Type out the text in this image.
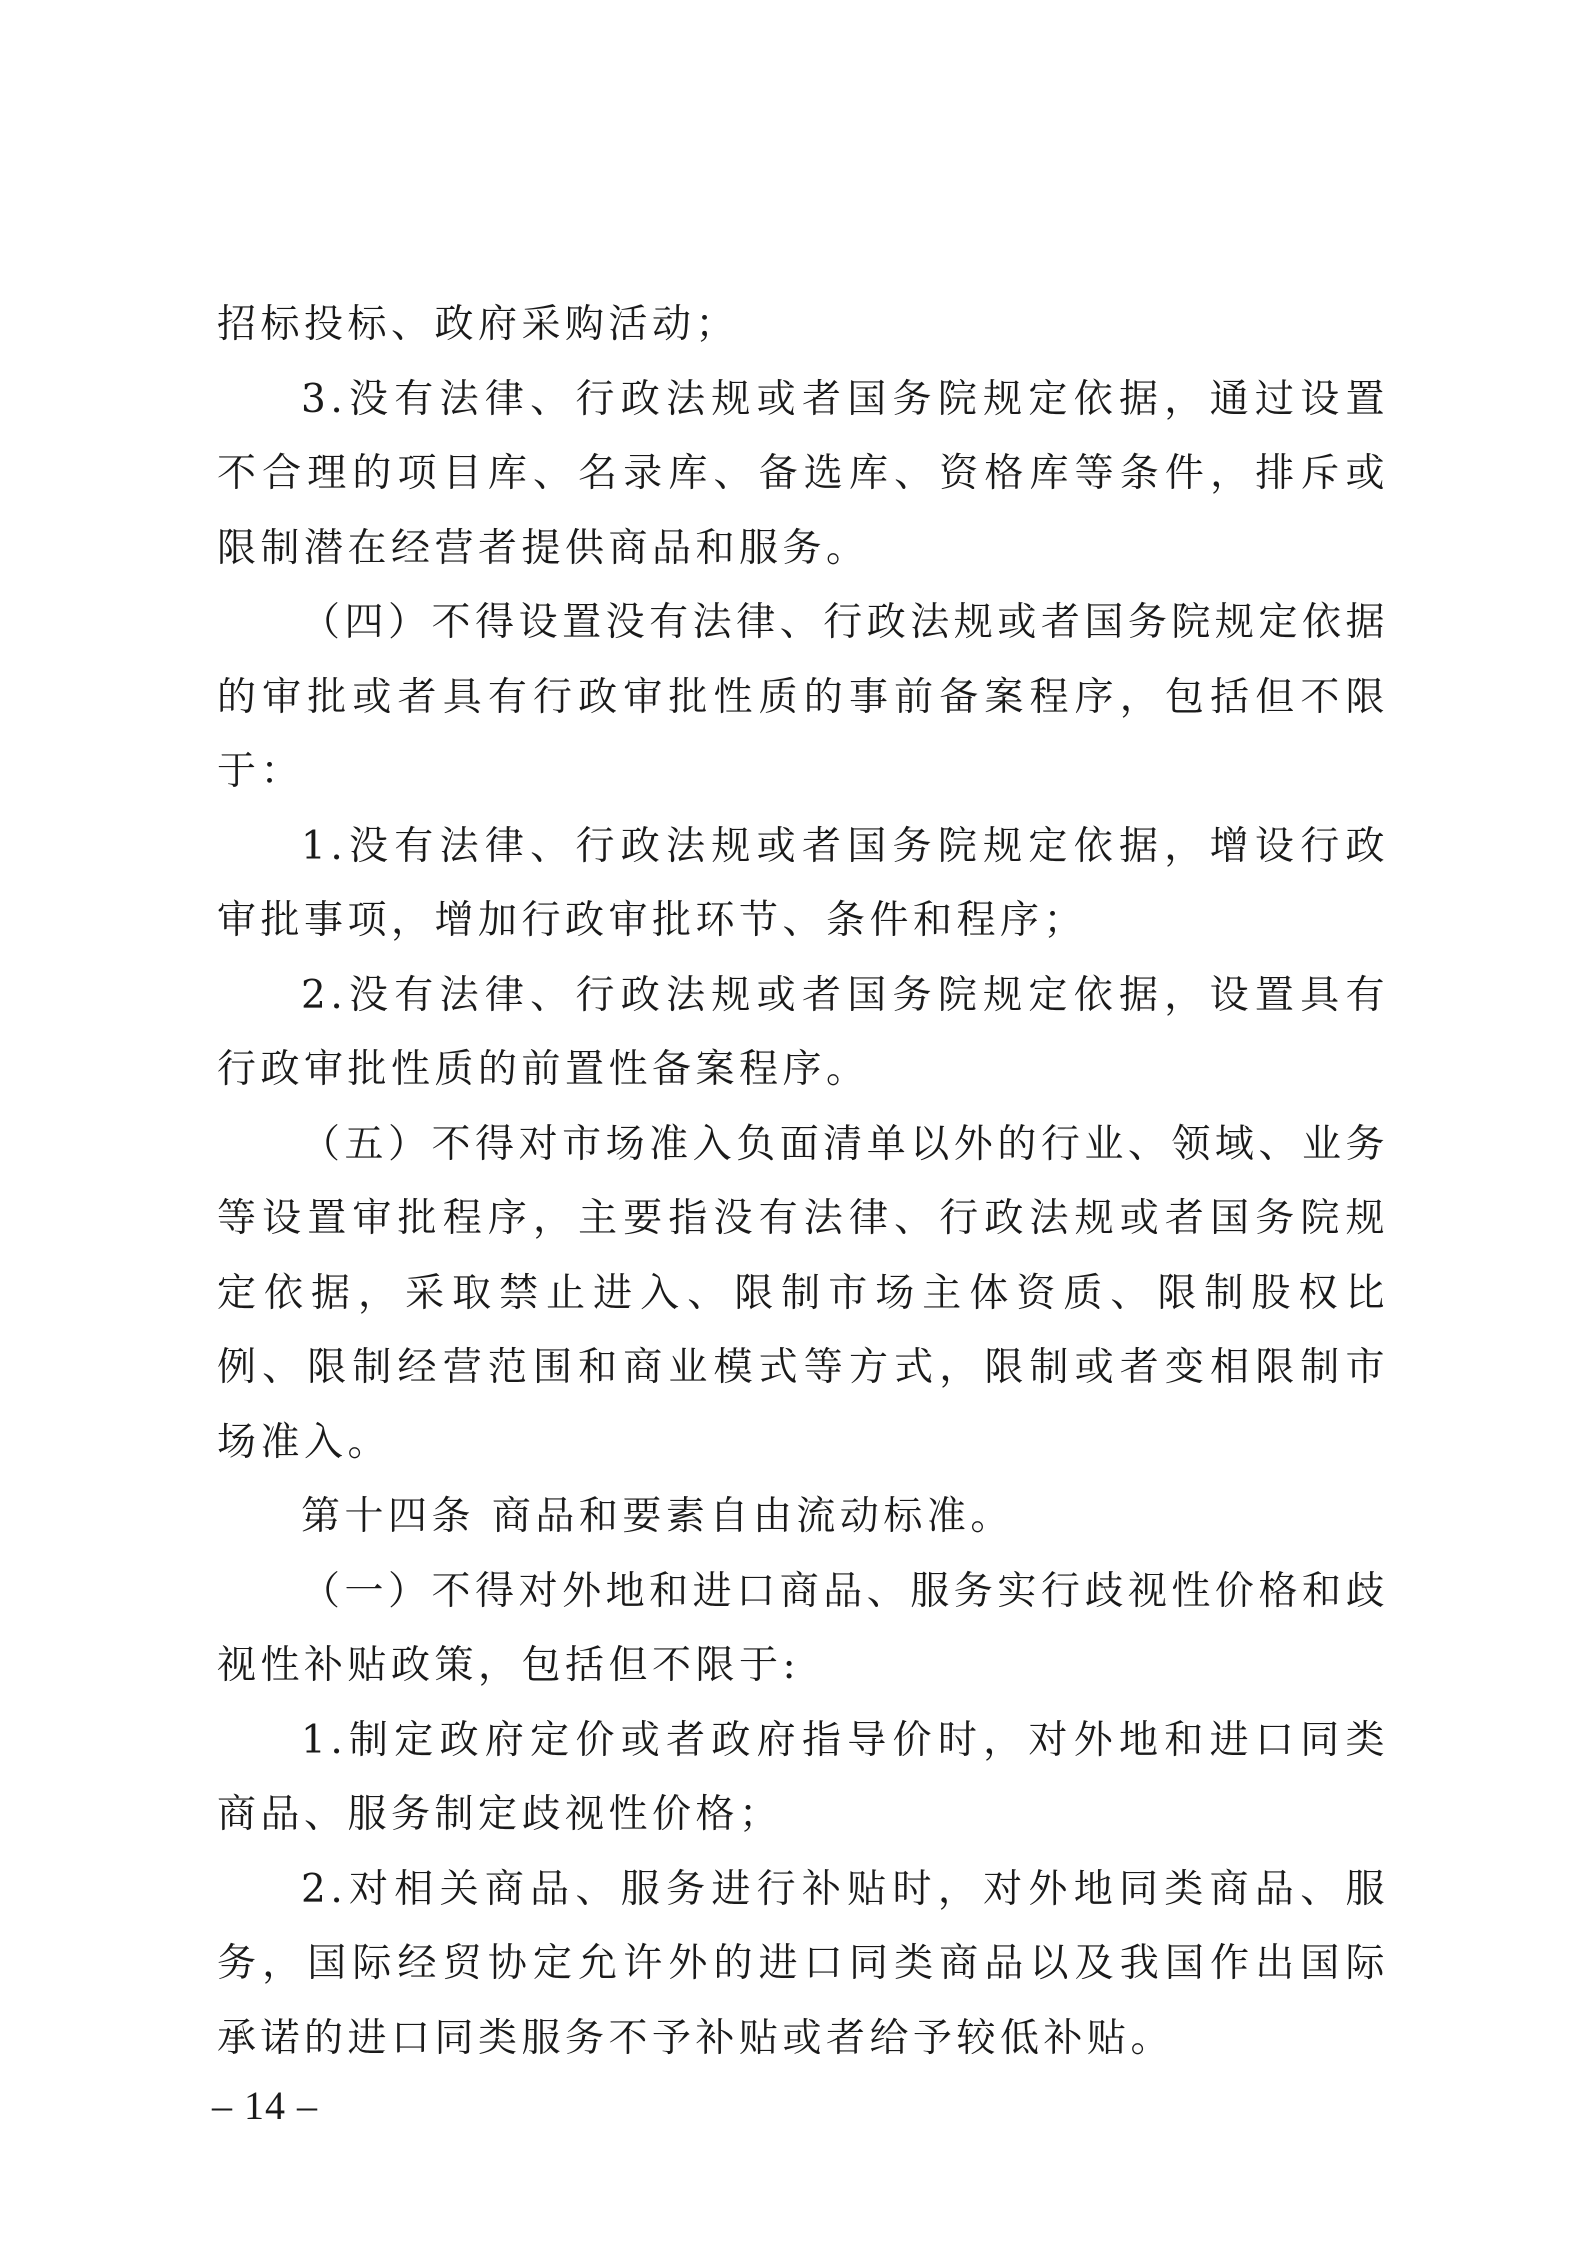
招标投标、政府采购活动；

3.没有法律、行政法规或者国务院规定依据，通过设置不合理的项目库、名录库、备选库、资格库等条件，排斥或限制潜在经营者提供商品和服务。

（四）不得设置没有法律、行政法规或者国务院规定依据的审批或者具有行政审批性质的事前备案程序，包括但不限于：

1.没有法律、行政法规或者国务院规定依据，增设行政审批事项，增加行政审批环节、条件和程序；

2.没有法律、行政法规或者国务院规定依据，设置具有行政审批性质的前置性备案程序。

（五）不得对市场准入负面清单以外的行业、领域、业务等设置审批程序，主要指没有法律、行政法规或者国务院规定依据，采取禁止进入、限制市场主体资质、限制股权比例、限制经营范围和商业模式等方式，限制或者变相限制市场准入。

第十四条 商品和要素自由流动标准。

（一）不得对外地和进口商品、服务实行歧视性价格和歧视性补贴政策，包括但不限于:

1.制定政府定价或者政府指导价时，对外地和进口同类商品、服务制定歧视性价格；

2.对相关商品、服务进行补贴时，对外地同类商品、服务，国际经贸协定允许外的进口同类商品以及我国作出国际承诺的进口同类服务不予补贴或者给予较低补贴。

– 14 –
